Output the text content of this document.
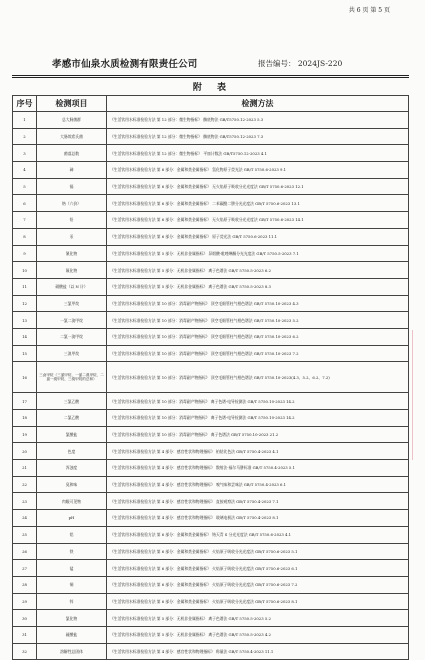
共 6 页 第 5 页
孝感市仙泉水质检测有限责任公司	报告编号： 2024JS-220
附 表
序号	检测项目	检测方法
1	总大肠菌群	《生活饮用水标准检验方法 第 12 部分：微生物指标》 酶底物法 GB/T5750.12-2023 5.3
2	大肠埃希氏菌	《生活饮用水标准检验方法 第 12 部分：微生物指标》 酶底物法 GB/T5750.12-2023 7.3
3	菌落总数	《生活饮用水标准检验方法 第 12 部分：微生物指标》 平皿计数法 GB/T5750.12-2023 4.1
4	砷	《生活饮用水标准检验方法 第 6 部分：金属和类金属指标》 氢化物原子荧光法 GB/T 5750.6-2023 9.1
5	镉	《生活饮用水标准检验方法 第 6 部分：金属和类金属指标》 无火焰原子吸收分光光度法 GB/T 5750.6-2023 12.1
6	铬（六价）	《生活饮用水标准检验方法 第 6 部分：金属和类金属指标》 二苯碳酰二肼分光光度法 GB/T 5750.6-2023 13.1
7	铅	《生活饮用水标准检验方法 第 6 部分：金属和类金属指标》 无火焰原子吸收分光光度法 GB/T 5750.6-2023 14.1
8	汞	《生活饮用水标准检验方法 第 6 部分：金属和类金属指标》 原子荧光法 GB/T 5750.6-2023 11.1
9	氰化物	《生活饮用水标准检验方法 第 5 部分：无机非金属指标》 异烟酸-吡唑啉酮分光光度法 GB/T 5750.5-2023 7.1
10	氟化物	《生活饮用水标准检验方法 第 5 部分：无机非金属指标》 离子色谱法 GB/T 5750.5-2023 6.2
11	硝酸盐（以 N 计）	《生活饮用水标准检验方法 第 5 部分：无机非金属指标》 离子色谱法 GB/T 5750.5-2023 8.3
12	三氯甲烷	《生活饮用水标准检验方法 第 10 部分：消毒副产物指标》 顶空毛细管柱气相色谱法 GB/T 5750.10-2023 4.3
13	一氯二溴甲烷	《生活饮用水标准检验方法 第 10 部分：消毒副产物指标》 顶空毛细管柱气相色谱法 GB/T 5750.10-2023 5.2
14	二氯一溴甲烷	《生活饮用水标准检验方法 第 10 部分：消毒副产物指标》 顶空毛细管柱气相色谱法 GB/T 5750.10-2023 6.2
15	三溴甲烷	《生活饮用水标准检验方法 第 10 部分：消毒副产物指标》 顶空毛细管柱气相色谱法 GB/T 5750.10-2023 7.2
16	三卤甲烷（三氯甲烷、一氯二溴甲烷、二氯一溴甲烷、三溴甲烷的总和）	《生活饮用水标准检验方法 第 10 部分：消毒副产物指标》 顶空毛细管柱气相色谱法 GB/T 5750.10-2023(4.3、5.2、6.2、7.2)
17	三氯乙酸	《生活饮用水标准检验方法 第 10 部分：消毒副产物指标》 离子色谱-电导检测法 GB/T 5750.10-2023 14.2
18	二氯乙酸	《生活饮用水标准检验方法 第 10 部分：消毒副产物指标》 离子色谱-电导检测法 GB/T 5750.10-2023 14.2
19	氯酸盐	《生活饮用水标准检验方法 第 10 部分：消毒副产物指标》 离子色谱法 GB/T 5750.10-2023 21.2
20	色度	《生活饮用水标准检验方法 第 4 部分：感官性状和物理指标》 铂钴比色法 GB/T 5750.4-2023 4.1
21	浑浊度	《生活饮用水标准检验方法 第 4 部分：感官性状和物理指标》 散射法-福尔马肼标准 GB/T 5750.4-2023 5.1
22	臭和味	《生活饮用水标准检验方法 第 4 部分：感官性状和物理指标》 嗅气味和尝味法 GB/T 5750.4-2023 6.1
23	肉眼可见物	《生活饮用水标准检验方法 第 4 部分：感官性状和物理指标》 直接观察法 GB/T 5750.4-2023 7.1
24	pH	《生活饮用水标准检验方法 第 4 部分：感官性状和物理指标》 玻璃电极法 GB/T 5750.4-2023 8.1
25	铝	《生活饮用水标准检验方法 第 6 部分：金属和类金属指标》 铬天青 S 分光光度法 GB/T 5750.6-2023 4.1
26	铁	《生活饮用水标准检验方法 第 6 部分：金属和类金属指标》 火焰原子吸收分光光度法 GB/T 5750.6-2023 5.1
27	锰	《生活饮用水标准检验方法 第 6 部分：金属和类金属指标》 火焰原子吸收分光光度法 GB/T 5750.6-2023 6.1
28	铜	《生活饮用水标准检验方法 第 6 部分：金属和类金属指标》 火焰原子吸收分光光度法 GB/T 5750.6-2023 7.2
29	锌	《生活饮用水标准检验方法 第 6 部分：金属和类金属指标》 火焰原子吸收分光光度法 GB/T 5750.6-2023 8.1
30	氯化物	《生活饮用水标准检验方法 第 5 部分：无机非金属指标》 离子色谱法 GB/T 5750.5-2023 5.2
31	硫酸盐	《生活饮用水标准检验方法 第 5 部分：无机非金属指标》 离子色谱法 GB/T 5750.5-2023 4.2
32	溶解性总固体	《生活饮用水标准检验方法 第 4 部分：感官性状和物理指标》 称量法 GB/T 5750.4-2023 11.1
